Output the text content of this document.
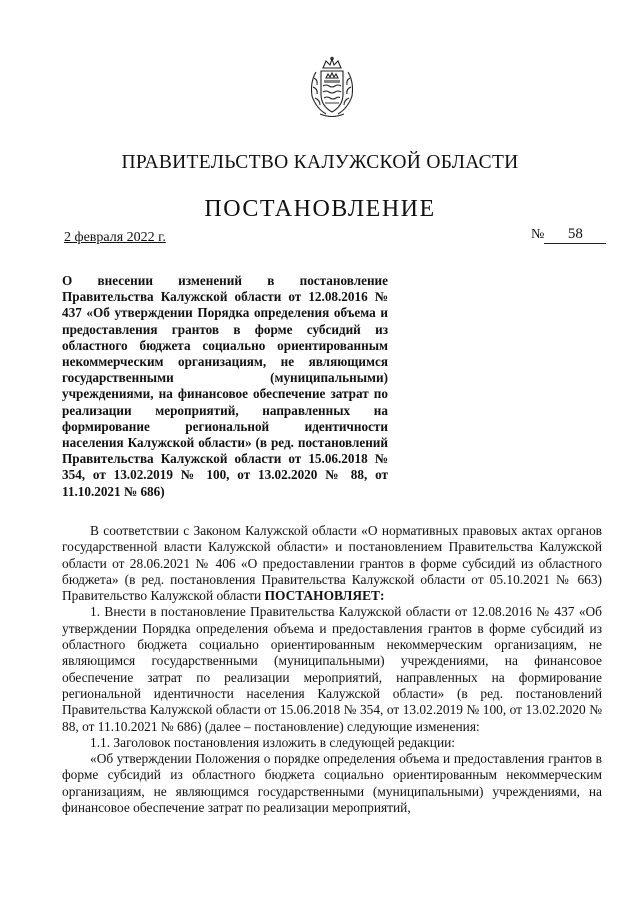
ПРАВИТЕЛЬСТВО КАЛУЖСКОЙ ОБЛАСТИ
ПОСТАНОВЛЕНИЕ
2 февраля 2022 г.	№ 58
О внесении изменений в постановление Правительства Калужской области от 12.08.2016 № 437 «Об утверждении Порядка определения объема и предоставления грантов в форме субсидий из областного бюджета социально ориентированным некоммерческим организациям, не являющимся государственными (муниципальными) учреждениями, на финансовое обеспечение затрат по реализации мероприятий, направленных на формирование региональной идентичности населения Калужской области» (в ред. постановлений Правительства Калужской области от 15.06.2018 № 354, от 13.02.2019 № 100, от 13.02.2020 № 88, от 11.10.2021 № 686)

В соответствии с Законом Калужской области «О нормативных правовых актах органов государственной власти Калужской области» и постановлением Правительства Калужской области от 28.06.2021 № 406 «О предоставлении грантов в форме субсидий из областного бюджета» (в ред. постановления Правительства Калужской области от 05.10.2021 № 663) Правительство Калужской области ПОСТАНОВЛЯЕТ:

1. Внести в постановление Правительства Калужской области от 12.08.2016 № 437 «Об утверждении Порядка определения объема и предоставления грантов в форме субсидий из областного бюджета социально ориентированным некоммерческим организациям, не являющимся государственными (муниципальными) учреждениями, на финансовое обеспечение затрат по реализации мероприятий, направленных на формирование региональной идентичности населения Калужской области» (в ред. постановлений Правительства Калужской области от 15.06.2018 № 354, от 13.02.2019 № 100, от 13.02.2020 № 88, от 11.10.2021 № 686) (далее – постановление) следующие изменения:

1.1. Заголовок постановления изложить в следующей редакции:

«Об утверждении Положения о порядке определения объема и предоставления грантов в форме субсидий из областного бюджета социально ориентированным некоммерческим организациям, не являющимся государственными (муниципальными) учреждениями, на финансовое обеспечение затрат по реализации мероприятий,
